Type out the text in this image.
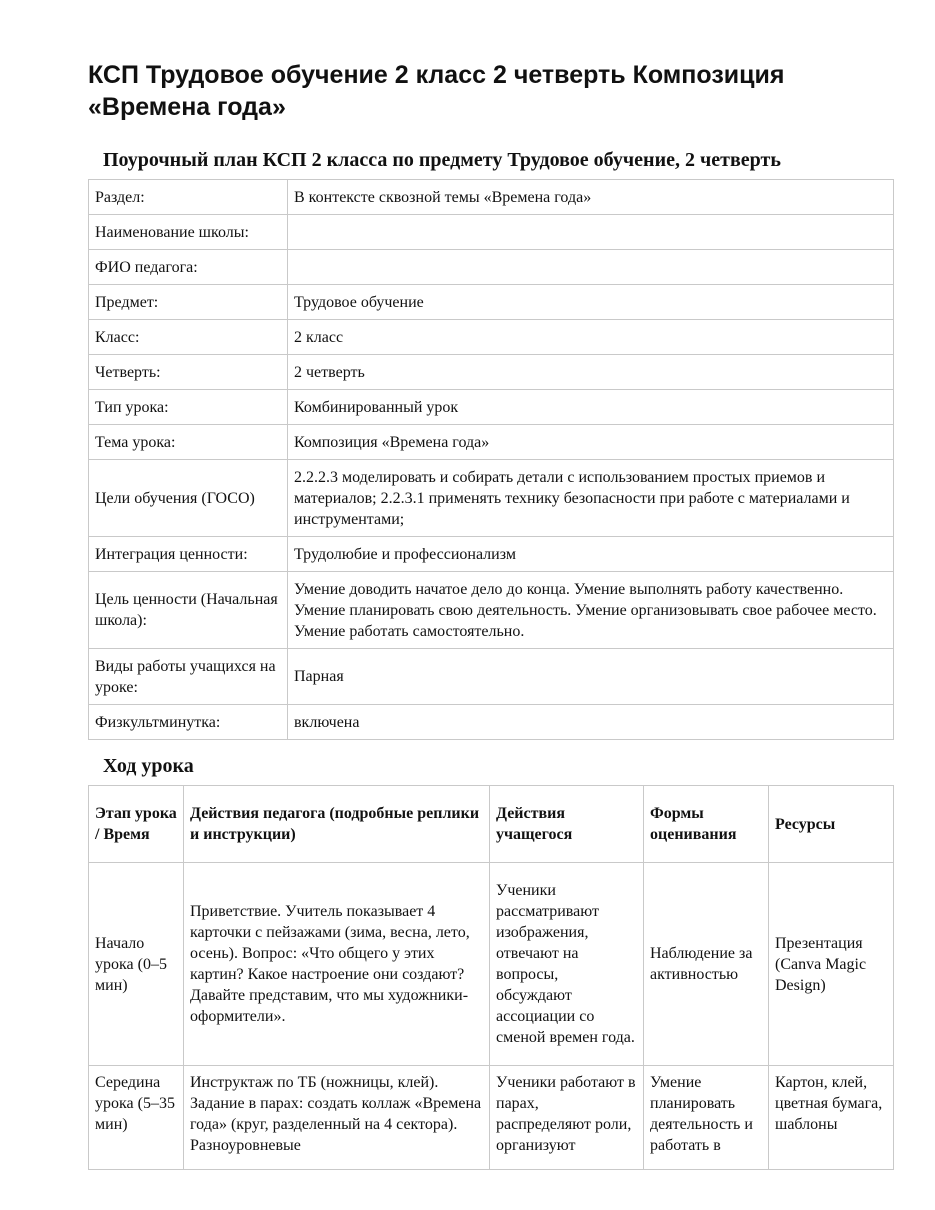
КСП Трудовое обучение 2 класс 2 четверть Композиция «Времена года»
Поурочный план КСП 2 класса по предмету Трудовое обучение, 2 четверть
Раздел:	В контексте сквозной темы «Времена года»
Наименование школы:	
ФИО педагога:	
Предмет:	Трудовое обучение
Класс:	2 класс
Четверть:	2 четверть
Тип урока:	Комбинированный урок
Тема урока:	Композиция «Времена года»
Цели обучения (ГОСО)	2.2.2.3 моделировать и собирать детали с использованием простых приемов и материалов; 2.2.3.1 применять технику безопасности при работе с материалами и инструментами;
Интеграция ценности:	Трудолюбие и профессионализм
Цель ценности (Начальная школа):	Умение доводить начатое дело до конца. Умение выполнять работу качественно. Умение планировать свою деятельность. Умение организовывать свое рабочее место. Умение работать самостоятельно.
Виды работы учащихся на уроке:	Парная
Физкультминутка:	включена
Ход урока
Этап урока / Время	Действия педагога (подробные реплики и инструкции)	Действия учащегося	Формы оценивания	Ресурсы
Начало урока (0–5 мин)	Приветствие. Учитель показывает 4 карточки с пейзажами (зима, весна, лето, осень). Вопрос: «Что общего у этих картин? Какое настроение они создают? Давайте представим, что мы художники-оформители».	Ученики рассматривают изображения, отвечают на вопросы, обсуждают ассоциации со сменой времен года.	Наблюдение за активностью	Презентация (Canva Magic Design)

Середина урока (5–35 мин)	Инструктаж по ТБ (ножницы, клей). Задание в парах: создать коллаж «Времена года» (круг, разделенный на 4 сектора). Разноуровневые	Ученики работают в парах, распределяют роли, организуют	Умение планировать деятельность и работать в	Картон, клей, цветная бумага, шаблоны
